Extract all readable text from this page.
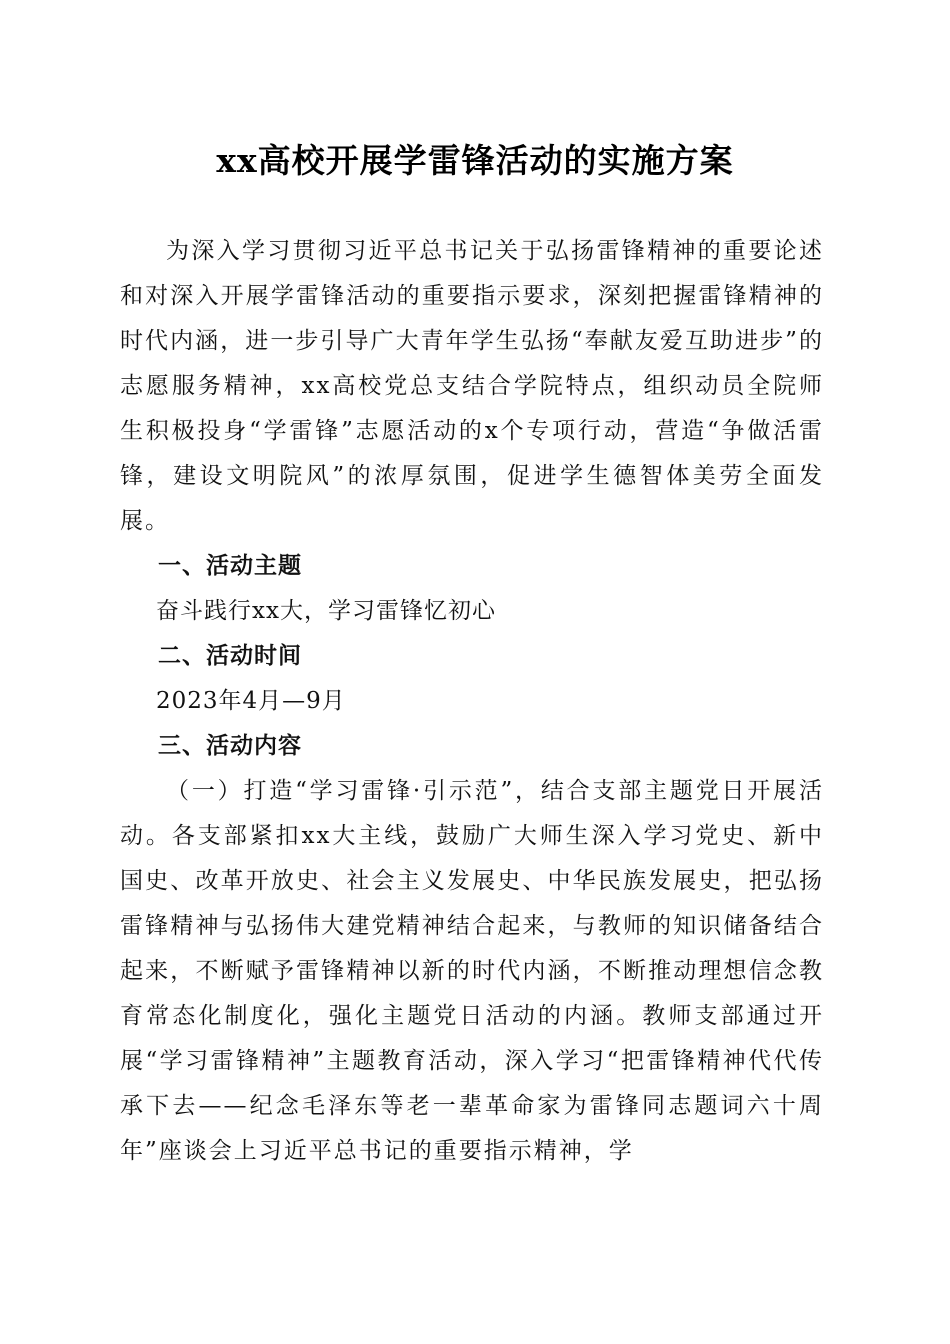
xx高校开展学雷锋活动的实施方案

为深入学习贯彻习近平总书记关于弘扬雷锋精神的重要论述和对深入开展学雷锋活动的重要指示要求，深刻把握雷锋精神的时代内涵，进一步引导广大青年学生弘扬“奉献友爱互助进步”的志愿服务精神，xx高校党总支结合学院特点，组织动员全院师生积极投身“学雷锋”志愿活动的x个专项行动，营造“争做活雷锋，建设文明院风”的浓厚氛围，促进学生德智体美劳全面发展。

一、活动主题

奋斗践行xx大，学习雷锋忆初心

二、活动时间

2023年4月—9月

三、活动内容

（一）打造“学习雷锋·引示范”，结合支部主题党日开展活动。各支部紧扣xx大主线，鼓励广大师生深入学习党史、新中国史、改革开放史、社会主义发展史、中华民族发展史，把弘扬雷锋精神与弘扬伟大建党精神结合起来，与教师的知识储备结合起来，不断赋予雷锋精神以新的时代内涵，不断推动理想信念教育常态化制度化，强化主题党日活动的内涵。教师支部通过开展“学习雷锋精神”主题教育活动，深入学习“把雷锋精神代代传承下去——纪念毛泽东等老一辈革命家为雷锋同志题词六十周年”座谈会上习近平总书记的重要指示精神，学
